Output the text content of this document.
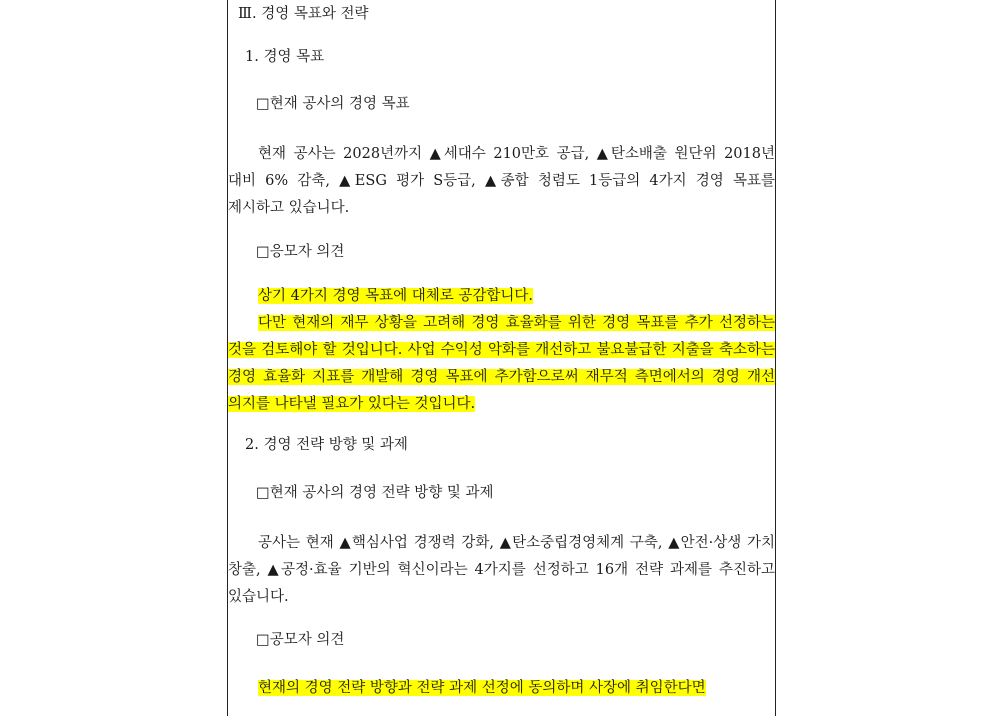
Ⅲ. 경영 목표와 전략
1. 경영 목표
□현재 공사의 경영 목표
현재 공사는 2028년까지 ▲세대수 210만호 공급, ▲탄소배출 원단위 2018년 대비 6% 감축, ▲ESG 평가 S등급, ▲종합 청렴도 1등급의 4가지 경영 목표를 제시하고 있습니다.
□응모자 의견
상기 4가지 경영 목표에 대체로 공감합니다.
다만 현재의 재무 상황을 고려해 경영 효율화를 위한 경영 목표를 추가 선정하는 것을 검토해야 할 것입니다. 사업 수익성 악화를 개선하고 불요불급한 지출을 축소하는 경영 효율화 지표를 개발해 경영 목표에 추가함으로써 재무적 측면에서의 경영 개선 의지를 나타낼 필요가 있다는 것입니다.
2. 경영 전략 방향 및 과제
□현재 공사의 경영 전략 방향 및 과제
공사는 현재 ▲핵심사업 경쟁력 강화, ▲탄소중립경영체계 구축, ▲안전·상생 가치 창출, ▲공정·효율 기반의 혁신이라는 4가지를 선정하고 16개 전략 과제를 추진하고 있습니다.
□공모자 의견
현재의 경영 전략 방향과 전략 과제 선정에 동의하며 사장에 취임한다면
